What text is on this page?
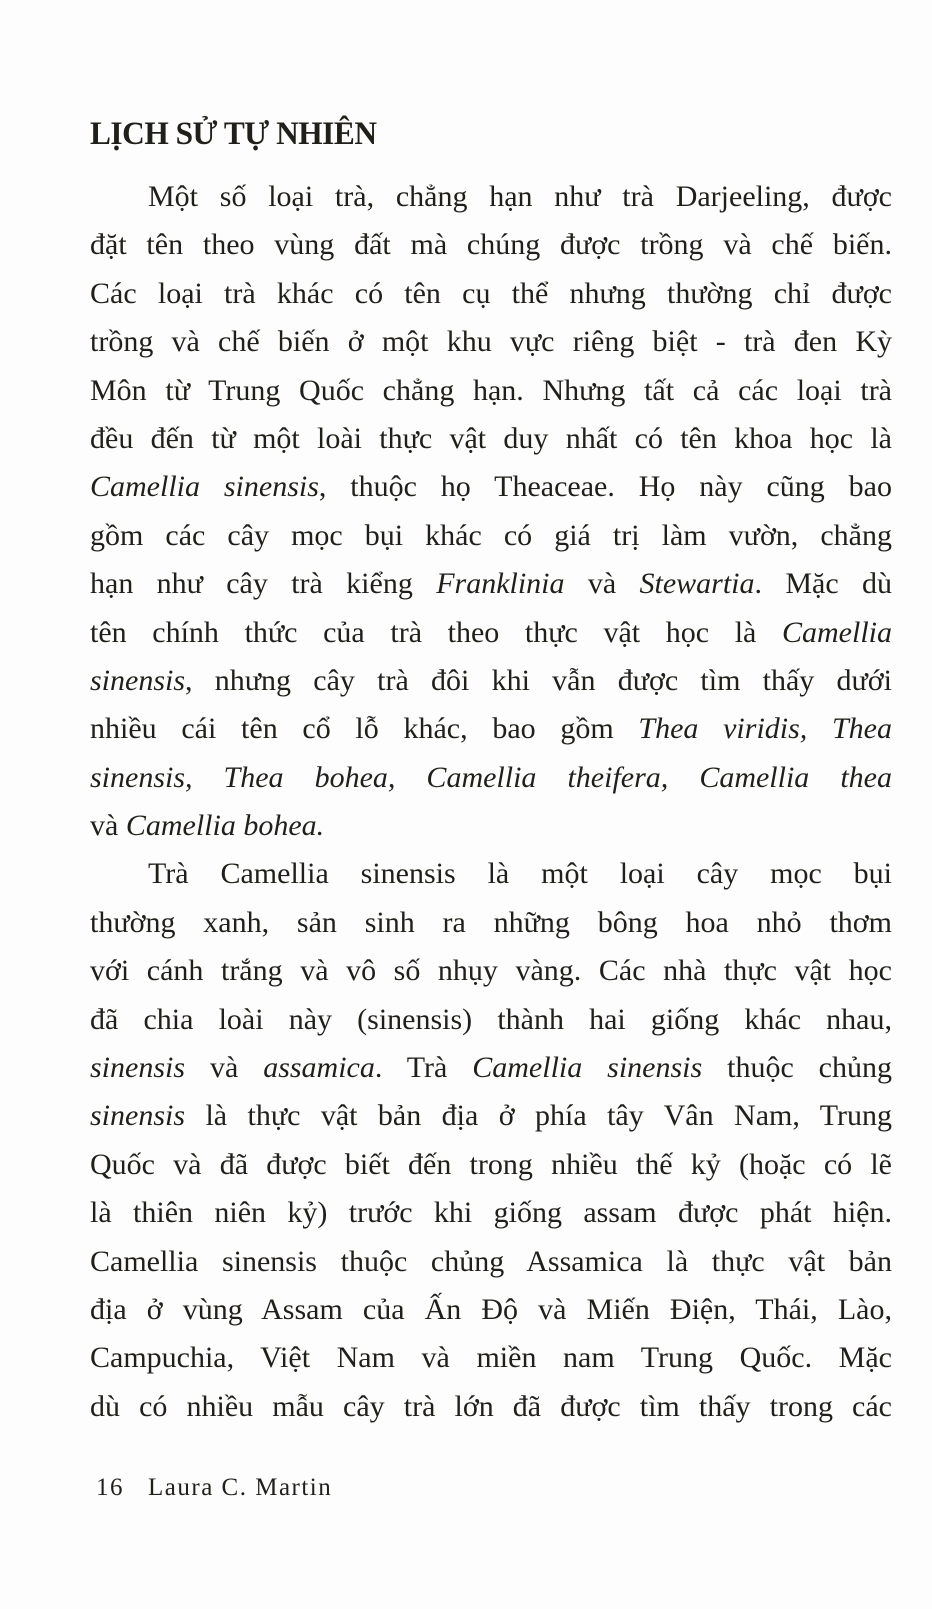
LỊCH SỬ TỰ NHIÊN
Một số loại trà, chẳng hạn như trà Darjeeling, được
đặt tên theo vùng đất mà chúng được trồng và chế biến.
Các loại trà khác có tên cụ thể nhưng thường chỉ được
trồng và chế biến ở một khu vực riêng biệt - trà đen Kỳ
Môn từ Trung Quốc chẳng hạn. Nhưng tất cả các loại trà
đều đến từ một loài thực vật duy nhất có tên khoa học là
Camellia sinensis, thuộc họ Theaceae. Họ này cũng bao
gồm các cây mọc bụi khác có giá trị làm vườn, chẳng
hạn như cây trà kiểng Franklinia và Stewartia. Mặc dù
tên chính thức của trà theo thực vật học là Camellia
sinensis, nhưng cây trà đôi khi vẫn được tìm thấy dưới
nhiều cái tên cổ lỗ khác, bao gồm Thea viridis, Thea
sinensis, Thea bohea, Camellia theifera, Camellia thea
và Camellia bohea.
Trà Camellia sinensis là một loại cây mọc bụi
thường xanh, sản sinh ra những bông hoa nhỏ thơm
với cánh trắng và vô số nhụy vàng. Các nhà thực vật học
đã chia loài này (sinensis) thành hai giống khác nhau,
sinensis và assamica. Trà Camellia sinensis thuộc chủng
sinensis là thực vật bản địa ở phía tây Vân Nam, Trung
Quốc và đã được biết đến trong nhiều thế kỷ (hoặc có lẽ
là thiên niên kỷ) trước khi giống assam được phát hiện.
Camellia sinensis thuộc chủng Assamica là thực vật bản
địa ở vùng Assam của Ấn Độ và Miến Điện, Thái, Lào,
Campuchia, Việt Nam và miền nam Trung Quốc. Mặc
dù có nhiều mẫu cây trà lớn đã được tìm thấy trong các
16 Laura C. Martin
